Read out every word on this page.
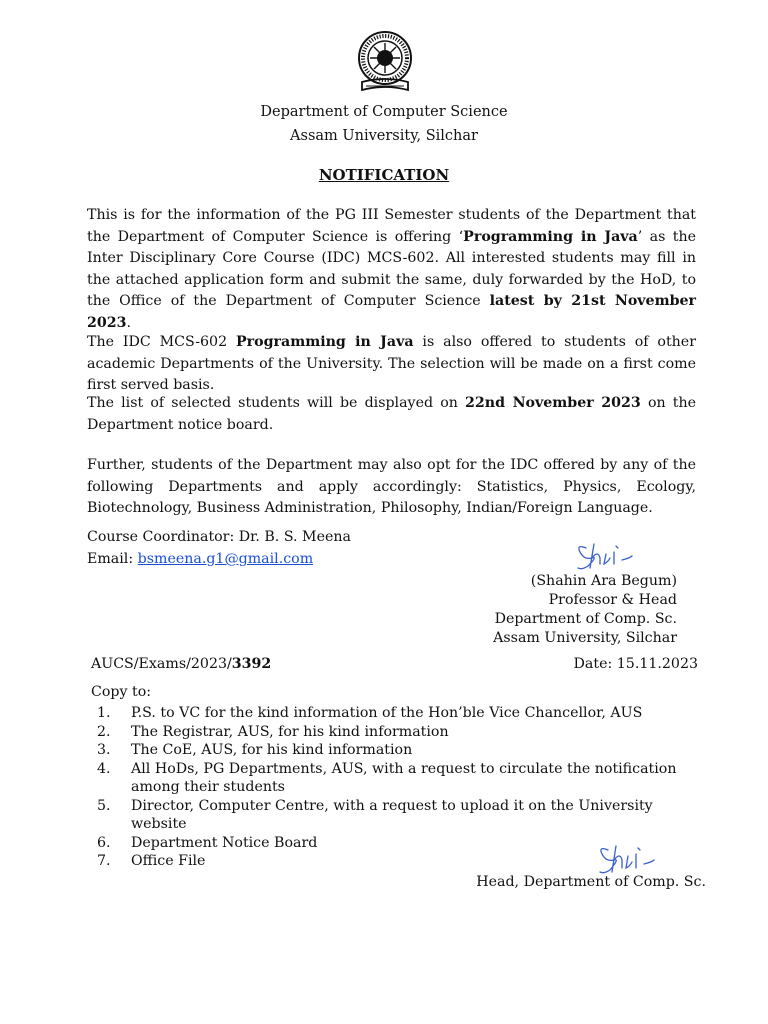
Department of Computer Science
Assam University, Silchar
NOTIFICATION

This is for the information of the PG III Semester students of the Department that the Department of Computer Science is offering ‘Programming in Java’ as the Inter Disciplinary Core Course (IDC) MCS-602. All interested students may fill in the attached application form and submit the same, duly forwarded by the HoD, to the Office of the Department of Computer Science latest by 21st November 2023.

The IDC MCS-602 Programming in Java is also offered to students of other academic Departments of the University. The selection will be made on a first come first served basis.

The list of selected students will be displayed on 22nd November 2023 on the Department notice board.

Further, students of the Department may also opt for the IDC offered by any of the following Departments and apply accordingly: Statistics, Physics, Ecology, Biotechnology, Business Administration, Philosophy, Indian/Foreign Language.

Course Coordinator: Dr. B. S. Meena
Email: bsmeena.g1@gmail.com
(Shahin Ara Begum)
Professor & Head
Department of Comp. Sc.
Assam University, Silchar
AUCS/Exams/2023/3392	Date: 15.11.2023
Copy to:
1.	P.S. to VC for the kind information of the Hon’ble Vice Chancellor, AUS
2.	The Registrar, AUS, for his kind information
3.	The CoE, AUS, for his kind information
4.	All HoDs, PG Departments, AUS, with a request to circulate the notification among their students
5.	Director, Computer Centre, with a request to upload it on the University website
6.	Department Notice Board
7.	Office File
Head, Department of Comp. Sc.
